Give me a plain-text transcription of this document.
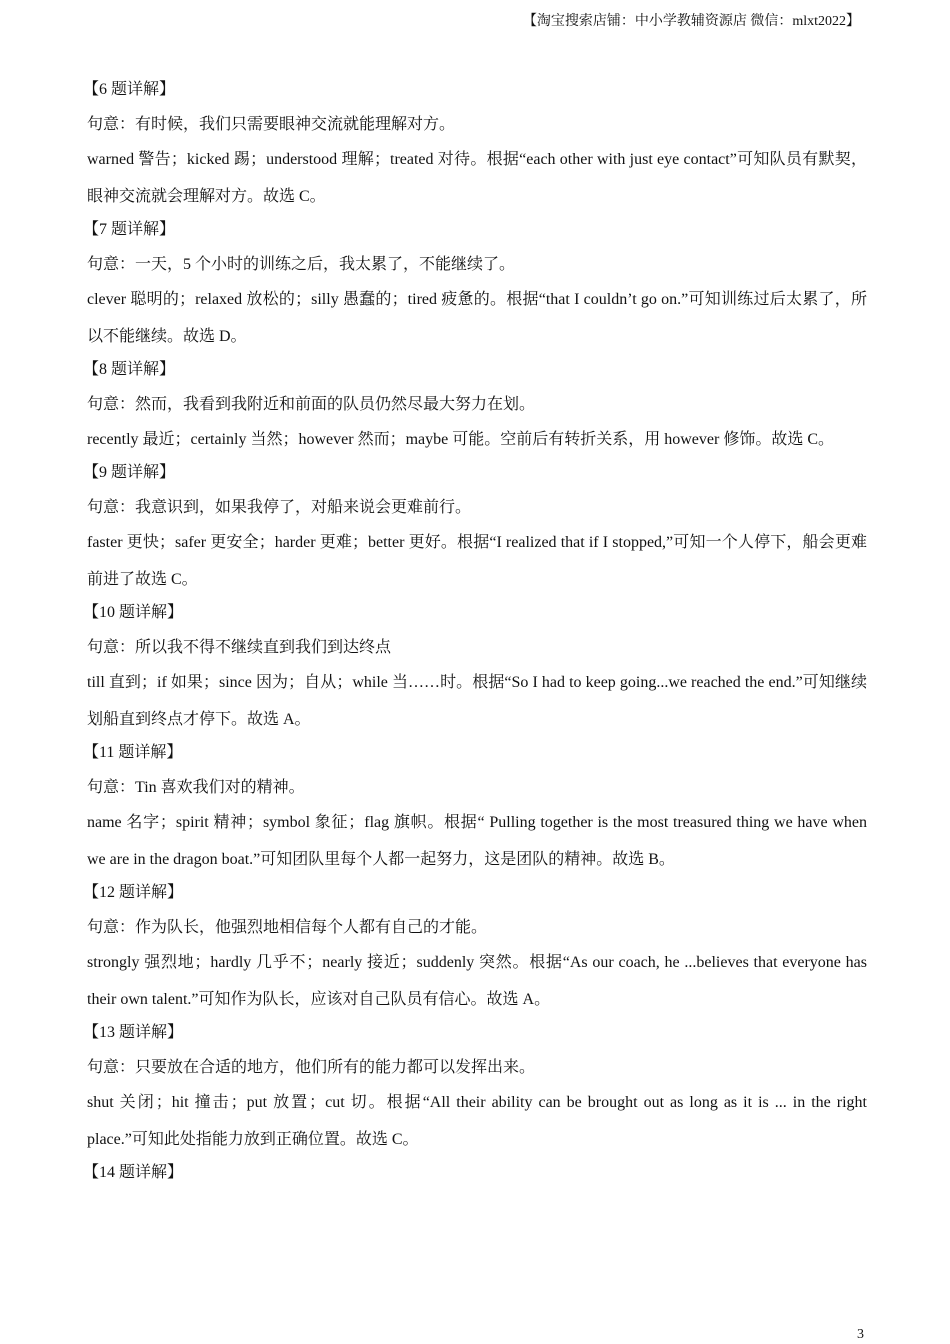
【淘宝搜索店铺：中小学教辅资源店 微信：mlxt2022】
【6 题详解】
句意：有时候，我们只需要眼神交流就能理解对方。
warned 警告；kicked 踢；understood 理解；treated 对待。根据“each other with just eye contact”可知队员有默契，眼神交流就会理解对方。故选 C。
【7 题详解】
句意：一天，5 个小时的训练之后，我太累了，不能继续了。
clever 聪明的；relaxed 放松的；silly 愚蠢的；tired 疲惫的。根据“that I couldn’t go on.”可知训练过后太累了，所以不能继续。故选 D。
【8 题详解】
句意：然而，我看到我附近和前面的队员仍然尽最大努力在划。
recently 最近；certainly 当然；however 然而；maybe 可能。空前后有转折关系，用 however 修饰。故选 C。
【9 题详解】
句意：我意识到，如果我停了，对船来说会更难前行。
faster 更快；safer 更安全；harder 更难；better 更好。根据“I realized that if I stopped,”可知一个人停下，船会更难前进了故选 C。
【10 题详解】
句意：所以我不得不继续直到我们到达终点
till 直到；if 如果；since 因为；自从；while 当……时。根据“So I had to keep going...we reached the end.”可知继续划船直到终点才停下。故选 A。
【11 题详解】
句意：Tin 喜欢我们对的精神。
name 名字；spirit 精神；symbol 象征；flag 旗帜。根据“ Pulling together is the most treasured thing we have when we are in the dragon boat.”可知团队里每个人都一起努力，这是团队的精神。故选 B。
【12 题详解】
句意：作为队长，他强烈地相信每个人都有自己的才能。
strongly 强烈地；hardly 几乎不；nearly 接近；suddenly 突然。根据“As our coach, he ...believes that everyone has their own talent.”可知作为队长，应该对自己队员有信心。故选 A。
【13 题详解】
句意：只要放在合适的地方，他们所有的能力都可以发挥出来。
shut 关闭；hit 撞击；put 放置；cut 切。根据“All their ability can be brought out as long as it is ... in the right place.”可知此处指能力放到正确位置。故选 C。
【14 题详解】
3
